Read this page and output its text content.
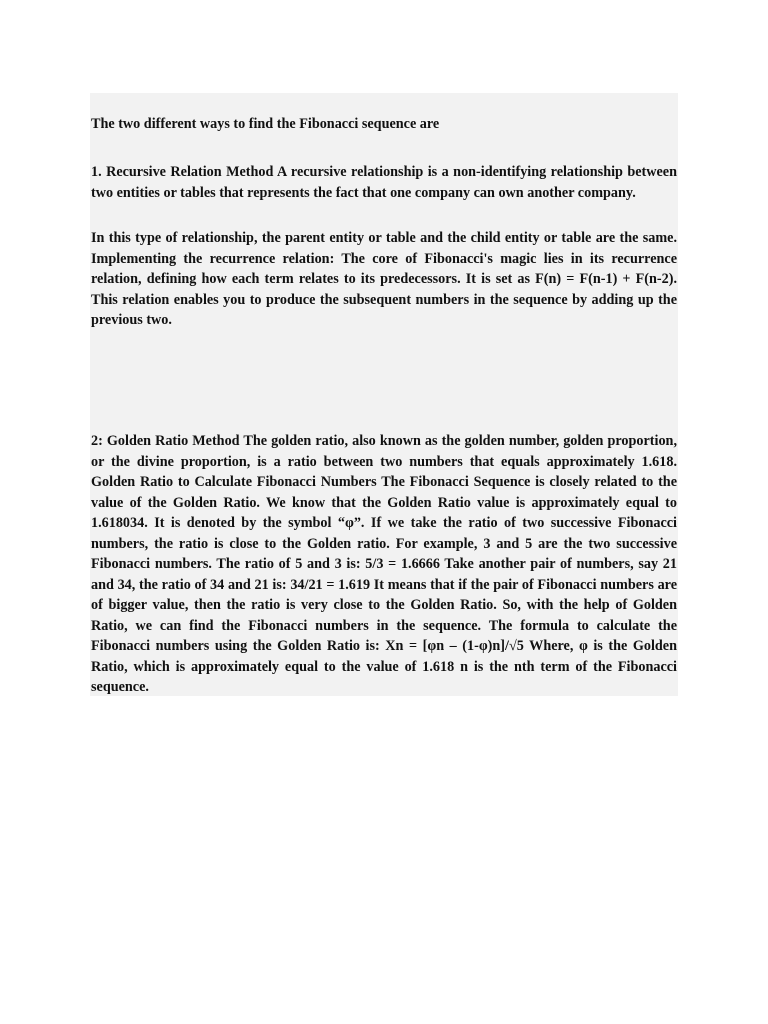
The two different ways to find the Fibonacci sequence are

1. Recursive Relation Method A recursive relationship is a non-identifying relationship between two entities or tables that represents the fact that one company can own another company.

In this type of relationship, the parent entity or table and the child entity or table are the same. Implementing the recurrence relation: The core of Fibonacci's magic lies in its recurrence relation, defining how each term relates to its predecessors. It is set as F(n) = F(n-1) + F(n-2). This relation enables you to produce the subsequent numbers in the sequence by adding up the previous two.

2: Golden Ratio Method The golden ratio, also known as the golden number, golden proportion, or the divine proportion, is a ratio between two numbers that equals approximately 1.618. Golden Ratio to Calculate Fibonacci Numbers The Fibonacci Sequence is closely related to the value of the Golden Ratio. We know that the Golden Ratio value is approximately equal to 1.618034. It is denoted by the symbol “φ”. If we take the ratio of two successive Fibonacci numbers, the ratio is close to the Golden ratio. For example, 3 and 5 are the two successive Fibonacci numbers. The ratio of 5 and 3 is: 5/3 = 1.6666 Take another pair of numbers, say 21 and 34, the ratio of 34 and 21 is: 34/21 = 1.619 It means that if the pair of Fibonacci numbers are of bigger value, then the ratio is very close to the Golden Ratio. So, with the help of Golden Ratio, we can find the Fibonacci numbers in the sequence. The formula to calculate the Fibonacci numbers using the Golden Ratio is: Xn = [φn – (1-φ)n]/√5 Where, φ is the Golden Ratio, which is approximately equal to the value of 1.618 n is the nth term of the Fibonacci sequence.
